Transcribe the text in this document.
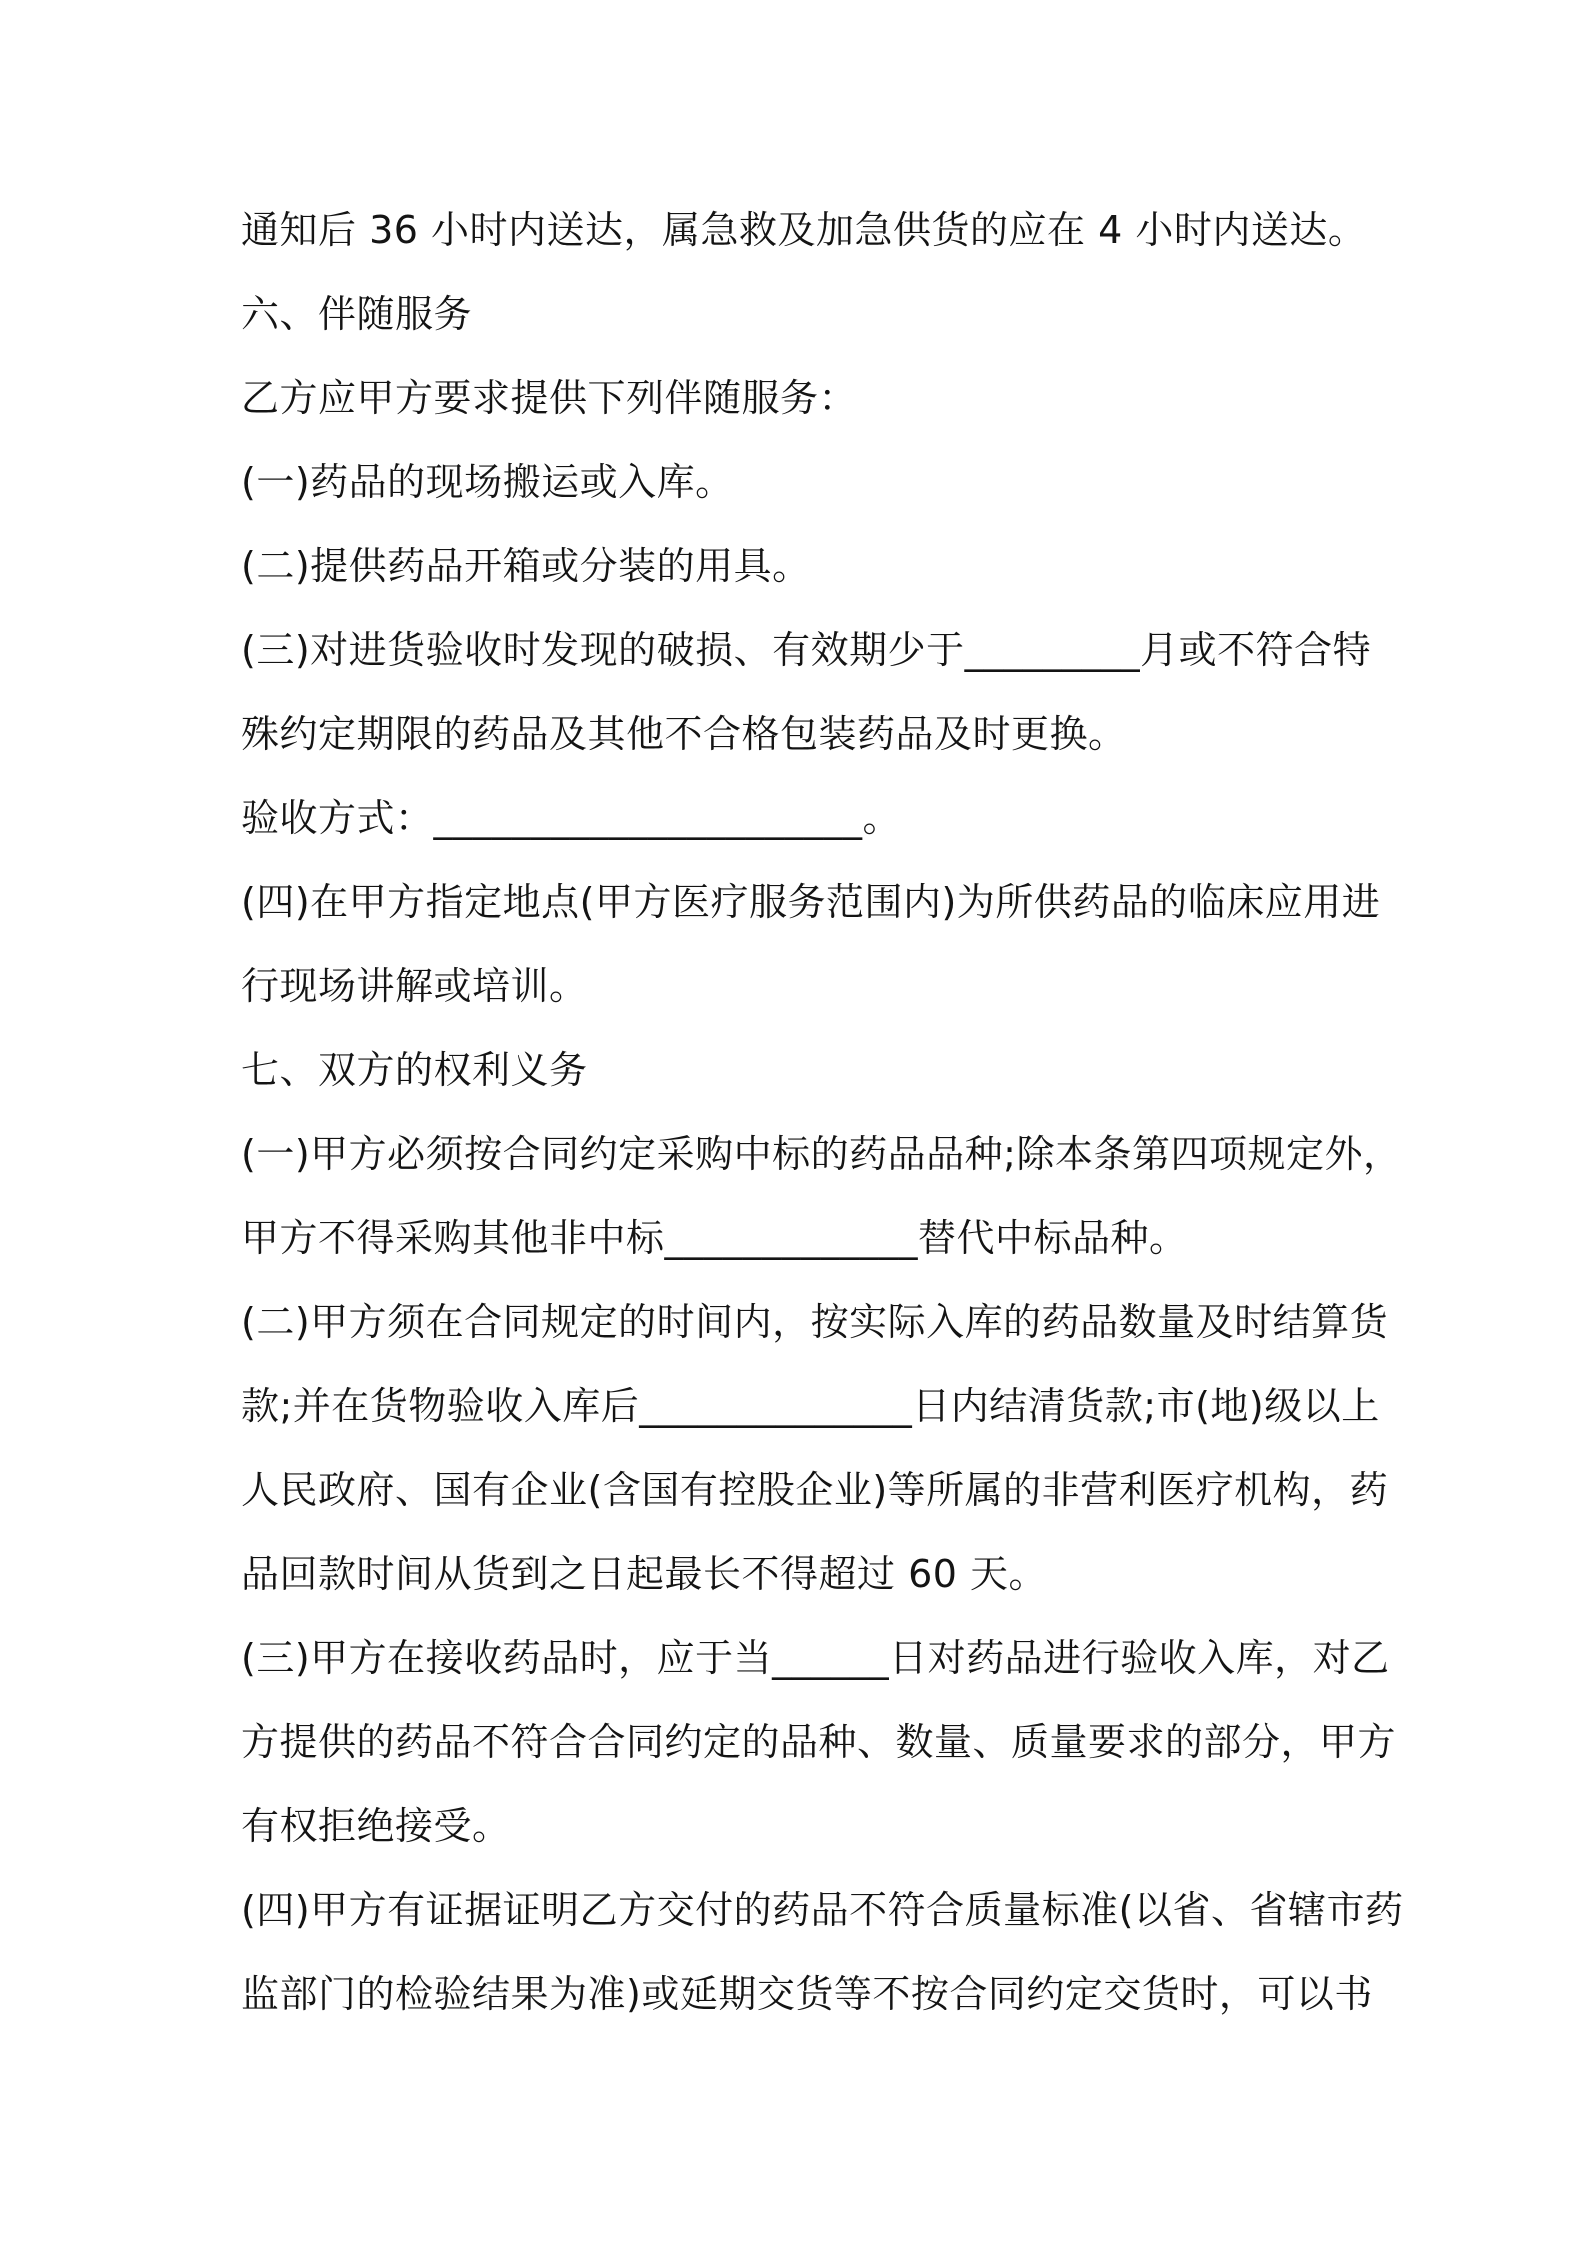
通知后 36 小时内送达，属急救及加急供货的应在 4 小时内送达。
六、伴随服务
乙方应甲方要求提供下列伴随服务：
(一)药品的现场搬运或入库。
(二)提供药品开箱或分装的用具。
(三)对进货验收时发现的破损、有效期少于_________月或不符合特
殊约定期限的药品及其他不合格包装药品及时更换。
验收方式：______________________。
(四)在甲方指定地点(甲方医疗服务范围内)为所供药品的临床应用进
行现场讲解或培训。
七、双方的权利义务
(一)甲方必须按合同约定采购中标的药品品种;除本条第四项规定外，
甲方不得采购其他非中标_____________替代中标品种。
(二)甲方须在合同规定的时间内，按实际入库的药品数量及时结算货
款;并在货物验收入库后______________日内结清货款;市(地)级以上
人民政府、国有企业(含国有控股企业)等所属的非营利医疗机构，药
品回款时间从货到之日起最长不得超过 60 天。
(三)甲方在接收药品时，应于当______日对药品进行验收入库，对乙
方提供的药品不符合合同约定的品种、数量、质量要求的部分，甲方
有权拒绝接受。
(四)甲方有证据证明乙方交付的药品不符合质量标准(以省、省辖市药
监部门的检验结果为准)或延期交货等不按合同约定交货时，可以书
